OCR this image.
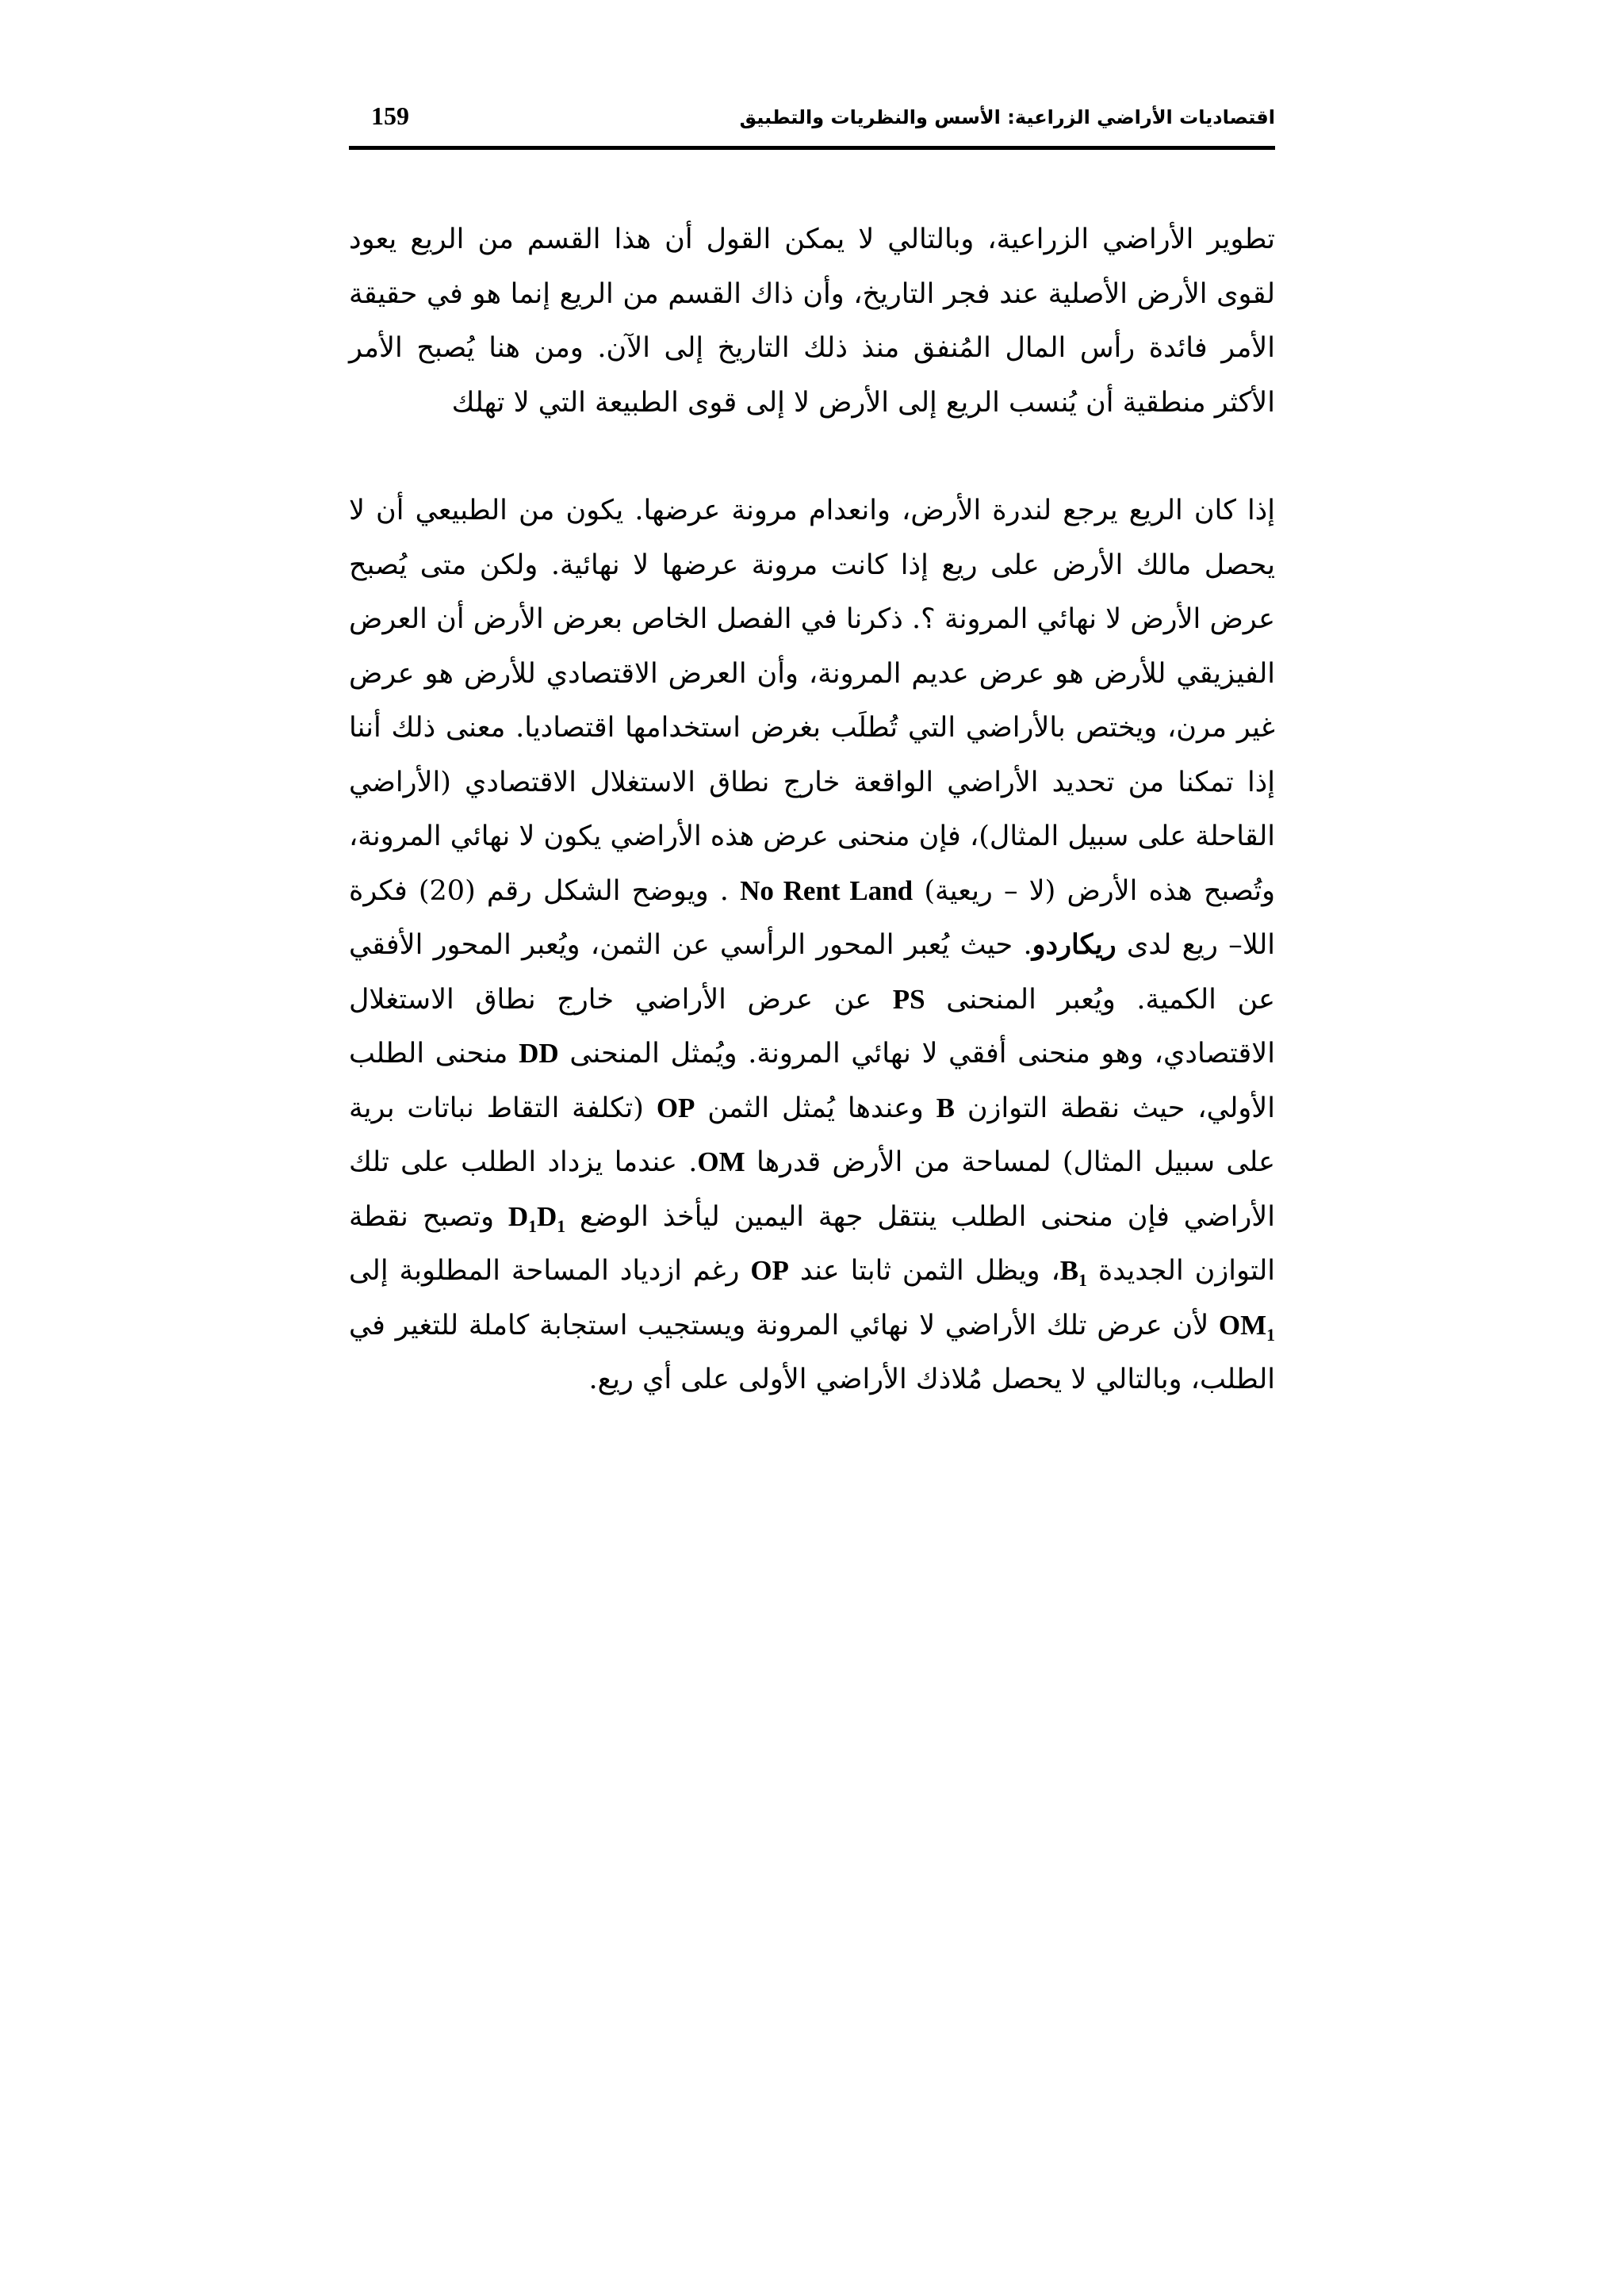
اقتصاديات الأراضي الزراعية: الأسس والنظريات والتطبيق
159

تطوير الأراضي الزراعية، وبالتالي لا يمكن القول أن هذا القسم من الريع يعود لقوى الأرض الأصلية عند فجر التاريخ، وأن ذاك القسم من الريع إنما هو في حقيقة الأمر فائدة رأس المال المُنفق منذ ذلك التاريخ إلى الآن. ومن هنا يُصبح الأمر الأكثر منطقية أن يُنسب الريع إلى الأرض لا إلى قوى الطبيعة التي لا تهلك

إذا كان الريع يرجع لندرة الأرض، وانعدام مرونة عرضها. يكون من الطبيعي أن لا يحصل مالك الأرض على ريع إذا كانت مرونة عرضها لا نهائية. ولكن متى يُصبح عرض الأرض لا نهائي المرونة ؟. ذكرنا في الفصل الخاص بعرض الأرض أن العرض الفيزيقي للأرض هو عرض عديم المرونة، وأن العرض الاقتصادي للأرض هو عرض غير مرن، ويختص بالأراضي التي تُطلَب بغرض استخدامها اقتصاديا. معنى ذلك أننا إذا تمكنا من تحديد الأراضي الواقعة خارج نطاق الاستغلال الاقتصادي (الأراضي القاحلة على سبيل المثال)، فإن منحنى عرض هذه الأراضي يكون لا نهائي المرونة، وتُصبح هذه الأرض (لا – ريعية) No Rent Land . ويوضح الشكل رقم (20) فكرة اللا– ريع لدى ريكاردو. حيث يُعبر المحور الرأسي عن الثمن، ويُعبر المحور الأفقي عن الكمية. ويُعبر المنحنى PS عن عرض الأراضي خارج نطاق الاستغلال الاقتصادي، وهو منحنى أفقي لا نهائي المرونة. ويُمثل المنحنى DD منحنى الطلب الأولي، حيث نقطة التوازن B وعندها يُمثل الثمن OP (تكلفة التقاط نباتات برية على سبيل المثال) لمساحة من الأرض قدرها OM. عندما يزداد الطلب على تلك الأراضي فإن منحنى الطلب ينتقل جهة اليمين ليأخذ الوضع $D_1D_1$ وتصبح نقطة التوازن الجديدة $B_1،$ ويظل الثمن ثابتا عند OP رغم ازدياد المساحة المطلوبة إلى $OM_1$ لأن عرض تلك الأراضي لا نهائي المرونة ويستجيب استجابة كاملة للتغير في الطلب، وبالتالي لا يحصل مُلاذك الأراضي الأولى على أي ريع.
